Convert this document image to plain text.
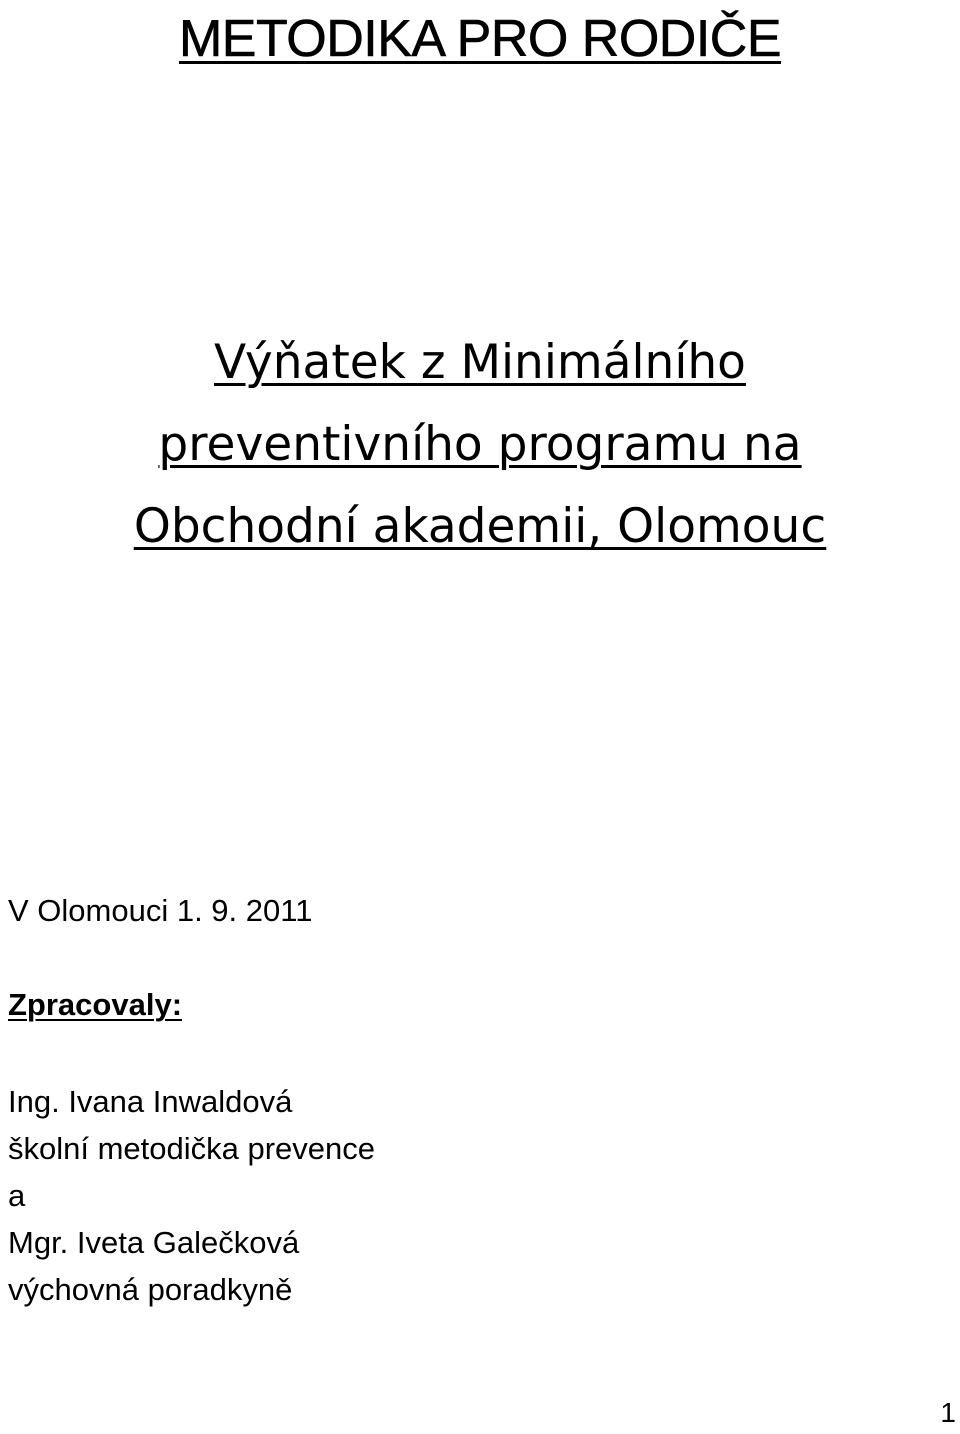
METODIKA PRO RODIČE
Výňatek z Minimálního
preventivního programu na
Obchodní akademii, Olomouc

V Olomouci 1. 9. 2011

Zpracovaly:

Ing. Ivana Inwaldová
školní metodička prevence
a
Mgr. Iveta Galečková
výchovná poradkyně
1
